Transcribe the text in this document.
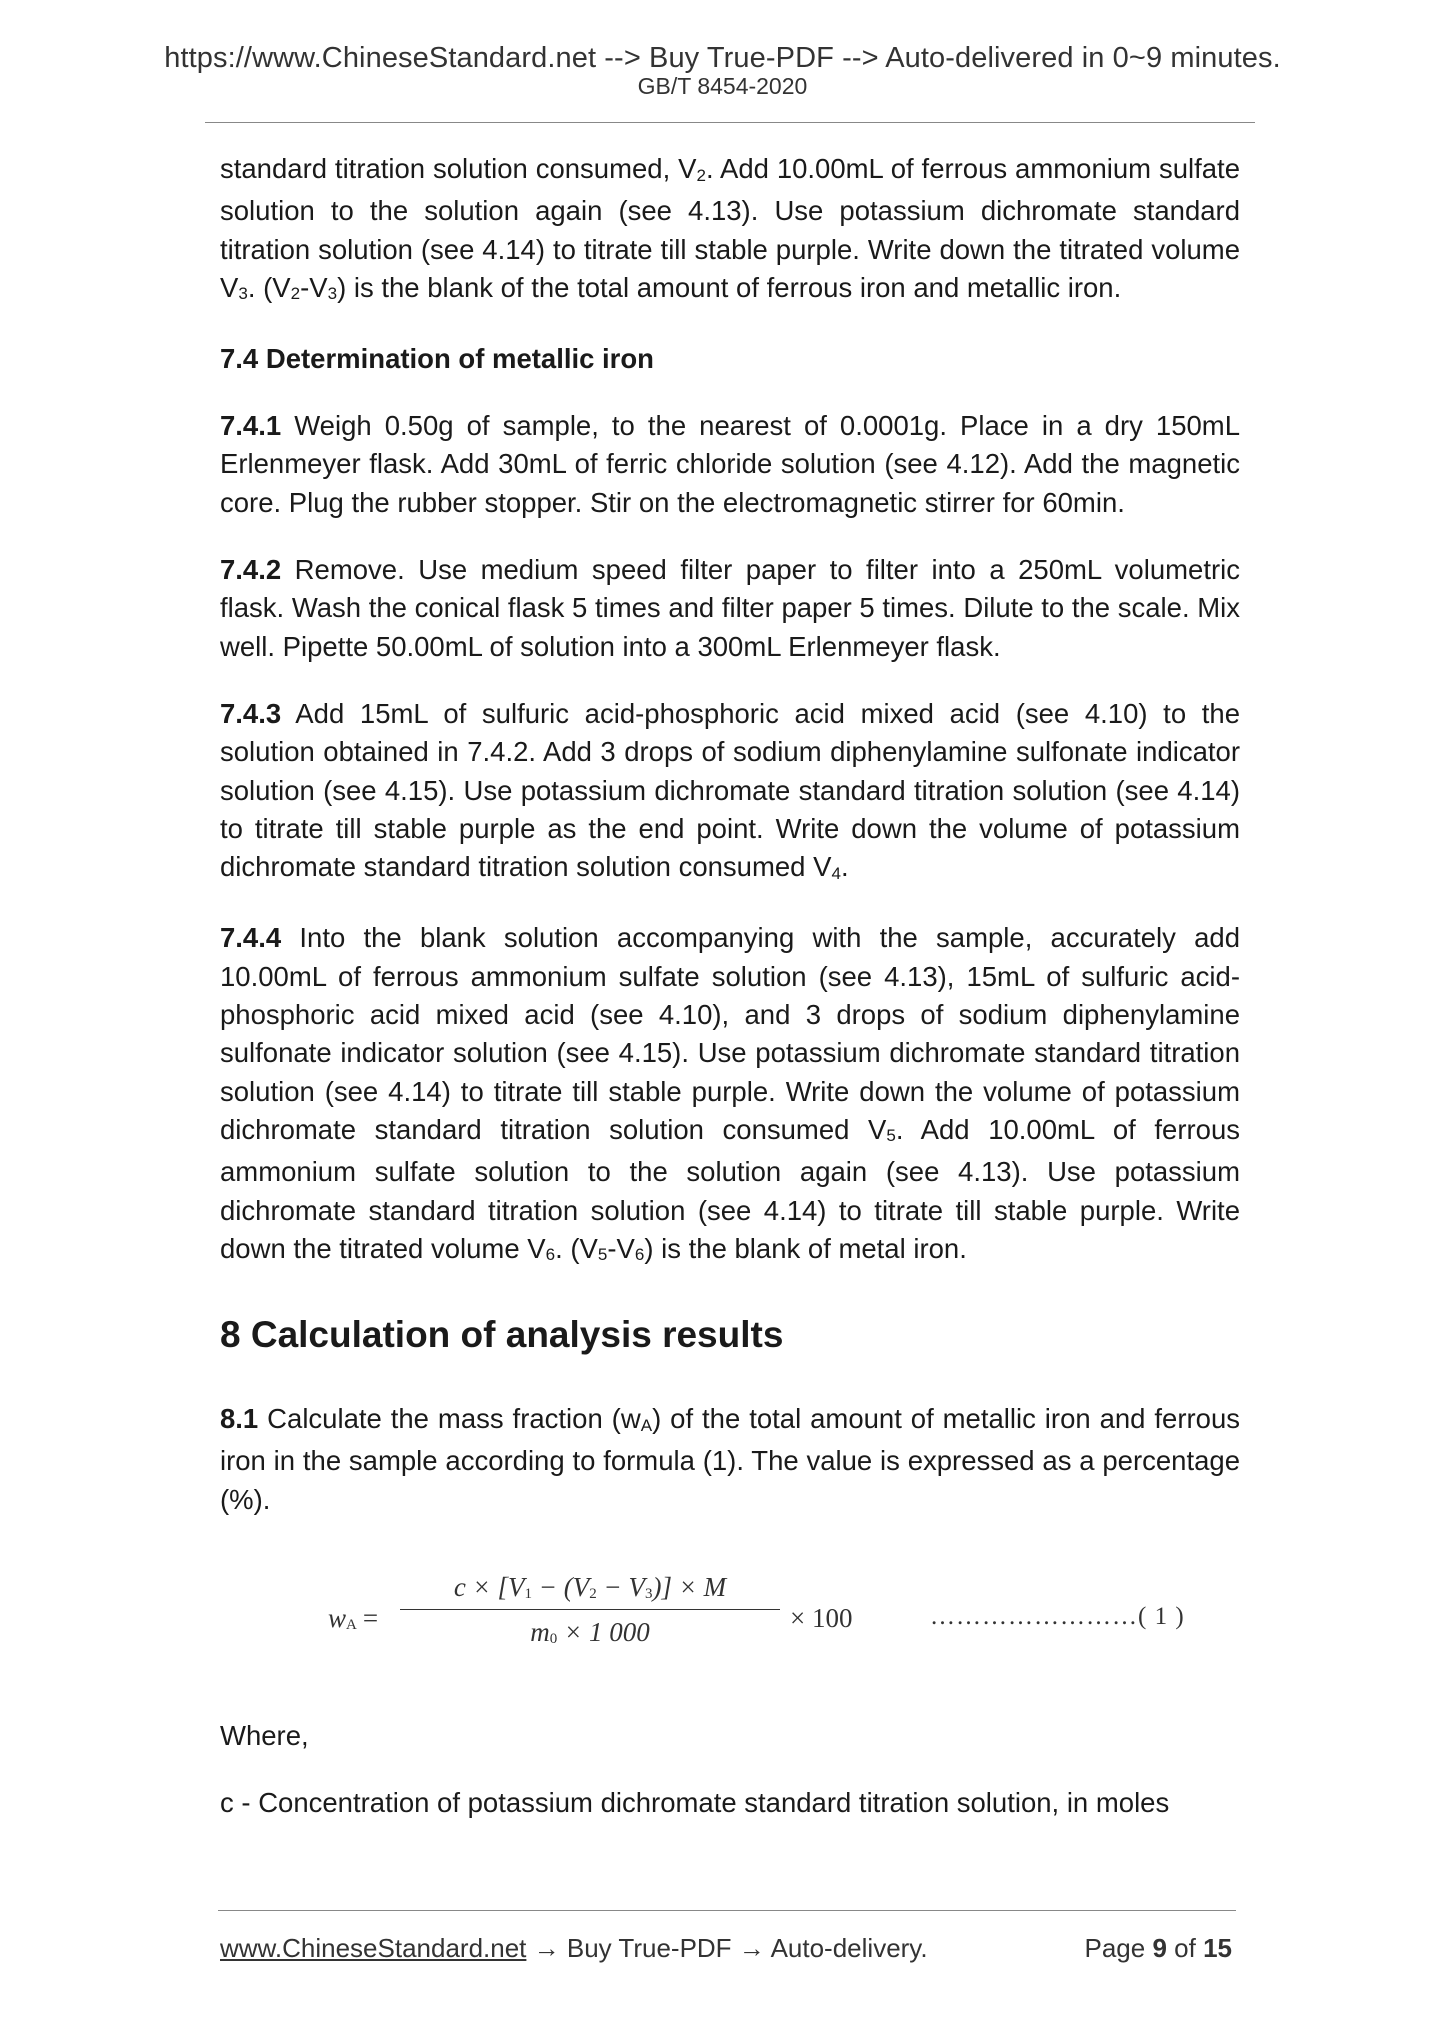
https://www.ChineseStandard.net --> Buy True-PDF --> Auto-delivered in 0~9 minutes.
GB/T 8454-2020

standard titration solution consumed, $V_2$. Add 10.00mL of ferrous ammonium sulfate solution to the solution again (see 4.13). Use potassium dichromate standard titration solution (see 4.14) to titrate till stable purple. Write down the titrated volume $V_3$. $(V_2-V_3)$ is the blank of the total amount of ferrous iron and metallic iron.

7.4 Determination of metallic iron

7.4.1 Weigh 0.50g of sample, to the nearest of 0.0001g. Place in a dry 150mL Erlenmeyer flask. Add 30mL of ferric chloride solution (see 4.12). Add the magnetic core. Plug the rubber stopper. Stir on the electromagnetic stirrer for 60min.

7.4.2 Remove. Use medium speed filter paper to filter into a 250mL volumetric flask. Wash the conical flask 5 times and filter paper 5 times. Dilute to the scale. Mix well. Pipette 50.00mL of solution into a 300mL Erlenmeyer flask.

7.4.3 Add 15mL of sulfuric acid-phosphoric acid mixed acid (see 4.10) to the solution obtained in 7.4.2. Add 3 drops of sodium diphenylamine sulfonate indicator solution (see 4.15). Use potassium dichromate standard titration solution (see 4.14) to titrate till stable purple as the end point. Write down the volume of potassium dichromate standard titration solution consumed $V_4$.

7.4.4 Into the blank solution accompanying with the sample, accurately add 10.00mL of ferrous ammonium sulfate solution (see 4.13), 15mL of sulfuric acid-phosphoric acid mixed acid (see 4.10), and 3 drops of sodium diphenylamine sulfonate indicator solution (see 4.15). Use potassium dichromate standard titration solution (see 4.14) to titrate till stable purple. Write down the volume of potassium dichromate standard titration solution consumed $V_5$. Add 10.00mL of ferrous ammonium sulfate solution to the solution again (see 4.13). Use potassium dichromate standard titration solution (see 4.14) to titrate till stable purple. Write down the titrated volume $V_6$. $(V_5-V_6)$ is the blank of metal iron.

8 Calculation of analysis results

8.1 Calculate the mass fraction $(w_A)$ of the total amount of metallic iron and ferrous iron in the sample according to formula (1). The value is expressed as a percentage (%).

$w_A$ =
$c \times [V_1 - (V_2 - V_3)] \times M$
$m_0 \times 1$ 000	× 100	……………………( 1 )

Where,

c - Concentration of potassium dichromate standard titration solution, in moles

www.ChineseStandard.net → Buy True-PDF → Auto-delivery.	Page 9 of 15
